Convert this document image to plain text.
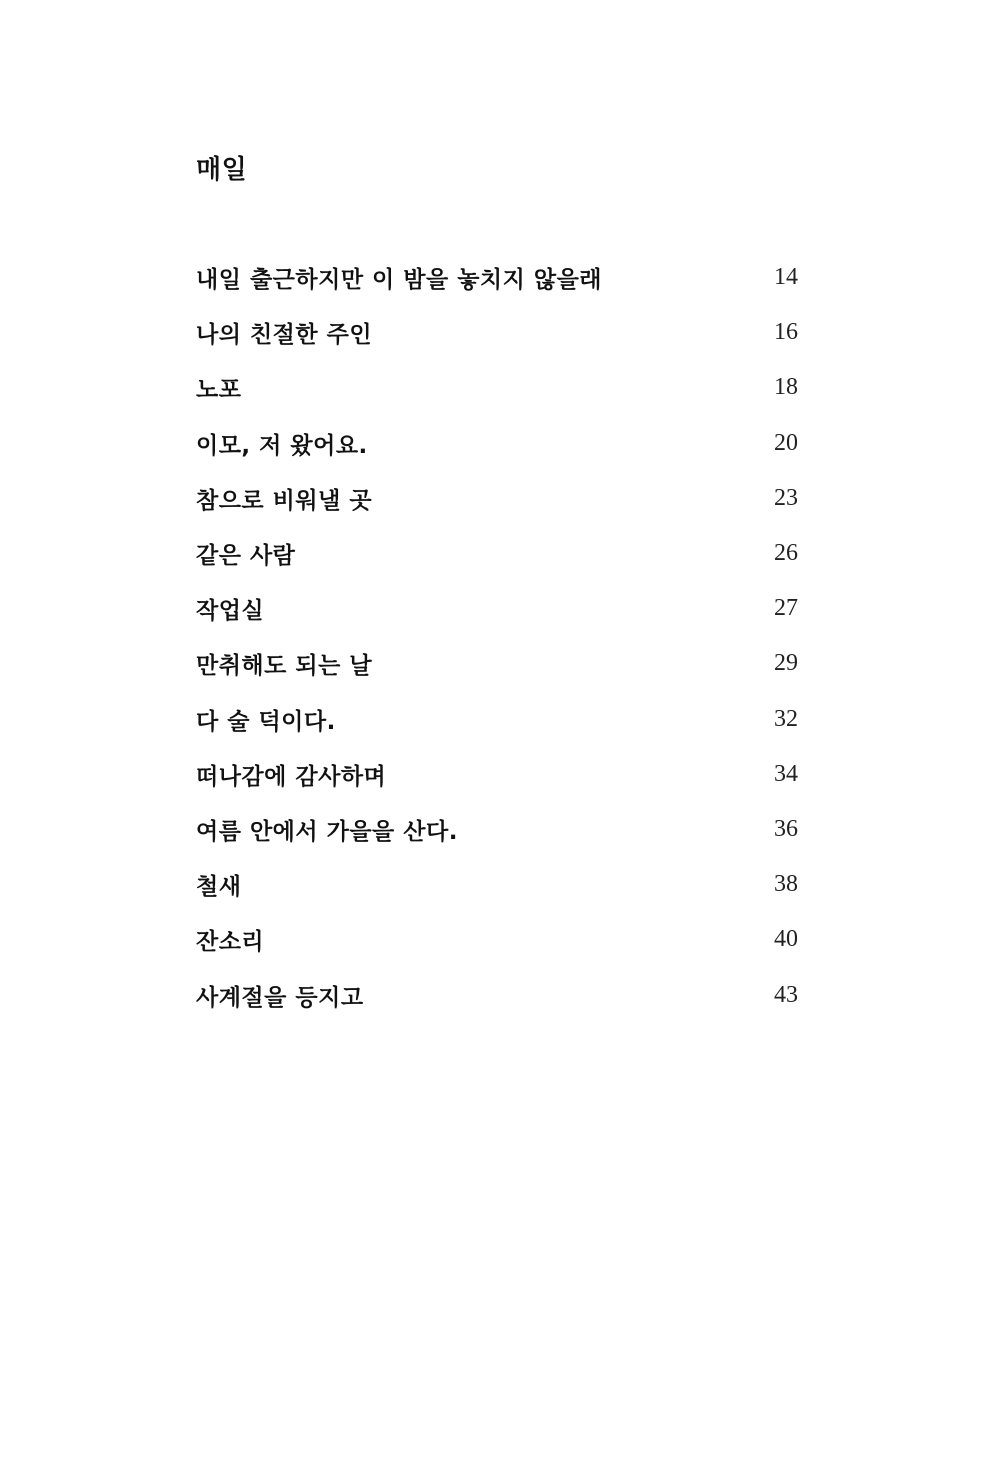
매일
내일 출근하지만 이 밤을 놓치지 않을래	14
나의 친절한 주인	16
노포	18
이모, 저 왔어요.	20
참으로 비워낼 곳	23
같은 사람	26
작업실	27
만취해도 되는 날	29
다 술 덕이다.	32
떠나감에 감사하며	34
여름 안에서 가을을 산다.	36
철새	38
잔소리	40
사계절을 등지고	43
